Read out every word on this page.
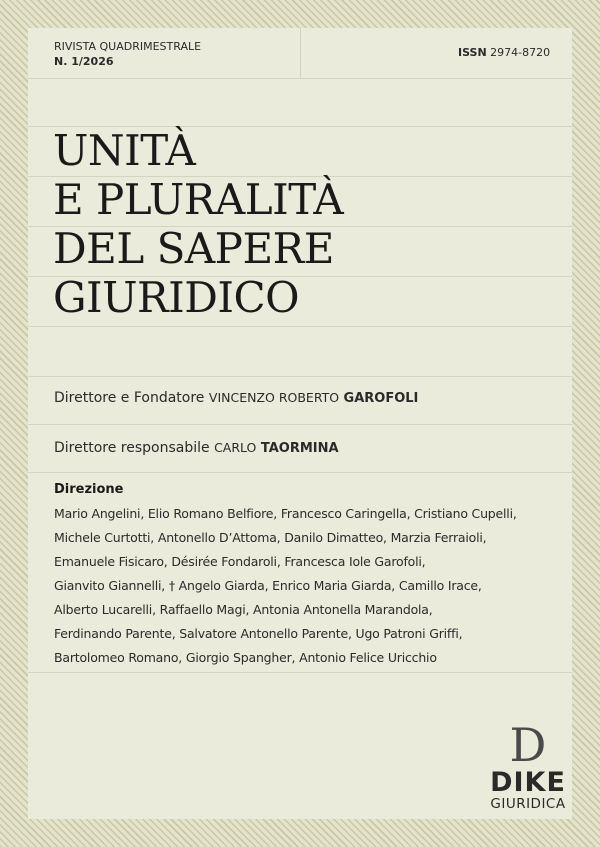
RIVISTA QUADRIMESTRALE
N. 1/2026
ISSN 2974-8720
UNITÀ
E PLURALITÀ
DEL SAPERE
GIURIDICO
Direttore e Fondatore VINCENZO ROBERTO GAROFOLI
Direttore responsabile CARLO TAORMINA
Direzione
Mario Angelini, Elio Romano Belfiore, Francesco Caringella, Cristiano Cupelli,
Michele Curtotti, Antonello D’Attoma, Danilo Dimatteo, Marzia Ferraioli,
Emanuele Fisicaro, Désirée Fondaroli, Francesca Iole Garofoli,
Gianvito Giannelli, † Angelo Giarda, Enrico Maria Giarda, Camillo Irace,
Alberto Lucarelli, Raffaello Magi, Antonia Antonella Marandola,
Ferdinando Parente, Salvatore Antonello Parente, Ugo Patroni Griffi,
Bartolomeo Romano, Giorgio Spangher, Antonio Felice Uricchio
D
DIKE
GIURIDICA
